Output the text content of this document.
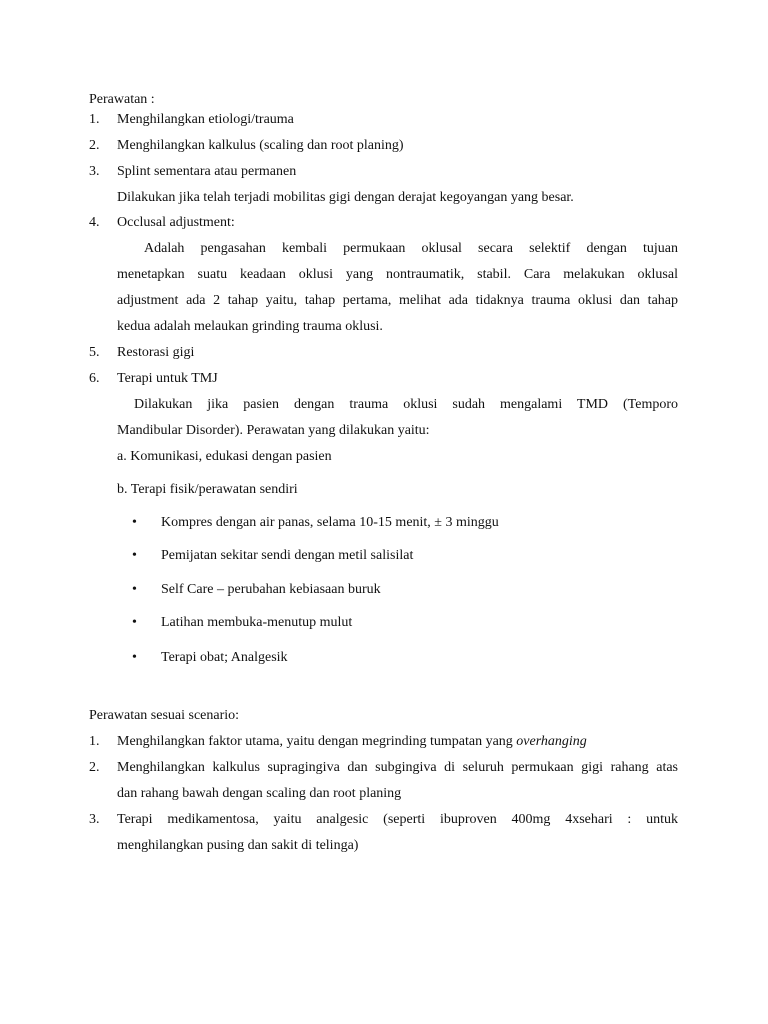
Perawatan :
1. Menghilangkan etiologi/trauma
2. Menghilangkan kalkulus (scaling dan root planing)
3. Splint sementara atau permanen
Dilakukan jika telah terjadi mobilitas gigi dengan derajat kegoyangan yang besar.
4. Occlusal adjustment:
Adalah pengasahan kembali permukaan oklusal secara selektif dengan tujuan
menetapkan suatu keadaan oklusi yang nontraumatik, stabil. Cara melakukan oklusal
adjustment ada 2 tahap yaitu, tahap pertama, melihat ada tidaknya trauma oklusi dan tahap
kedua adalah melaukan grinding trauma oklusi.
5. Restorasi gigi
6. Terapi untuk TMJ
Dilakukan jika pasien dengan trauma oklusi sudah mengalami TMD (Temporo
Mandibular Disorder). Perawatan yang dilakukan yaitu:
a. Komunikasi, edukasi dengan pasien
b. Terapi fisik/perawatan sendiri
• Kompres dengan air panas, selama 10-15 menit, ± 3 minggu
• Pemijatan sekitar sendi dengan metil salisilat
• Self Care – perubahan kebiasaan buruk
• Latihan membuka-menutup mulut
• Terapi obat; Analgesik
Perawatan sesuai scenario:
1. Menghilangkan faktor utama, yaitu dengan megrinding tumpatan yang overhanging
2. Menghilangkan kalkulus supragingiva dan subgingiva di seluruh permukaan gigi rahang atas
dan rahang bawah dengan scaling dan root planing
3. Terapi medikamentosa, yaitu analgesic (seperti ibuproven 400mg 4xsehari : untuk
menghilangkan pusing dan sakit di telinga)
